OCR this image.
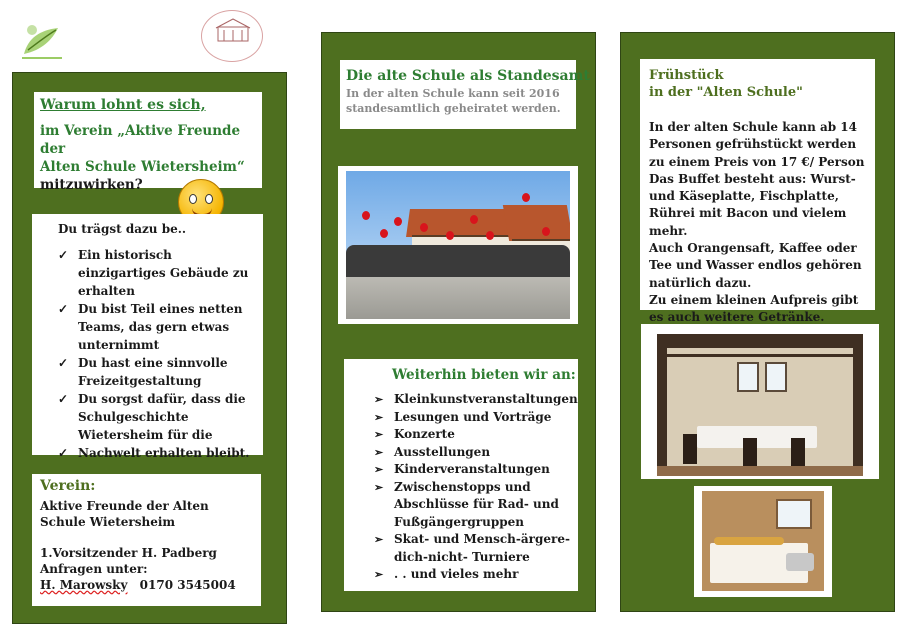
Warum lohnt es sich,
im Verein „Aktive Freunde der
Alten Schule Wietersheim“
mitzuwirken?
Du trägst dazu be..
✓ Ein historisch einzigartiges Gebäude zu erhalten
✓ Du bist Teil eines netten Teams, das gern etwas unternimmt
✓ Du hast eine sinnvolle Freizeitgestaltung
✓ Du sorgst dafür, dass die Schulgeschichte Wietersheim für die
✓ Nachwelt erhalten bleibt.
Verein:
Aktive Freunde der Alten Schule Wietersheim
1.Vorsitzender H. Padberg
Anfragen unter:
H. Marowsky 0170 3545004
Die alte Schule als Standesamt
In der alten Schule kann seit 2016 standesamtlich geheiratet werden.
Weiterhin bieten wir an:
➢ Kleinkunstveranstaltungen
➢ Lesungen und Vorträge
➢ Konzerte
➢ Ausstellungen
➢ Kinderveranstaltungen
➢ Zwischenstopps und Abschlüsse für Rad- und Fußgängergruppen
➢ Skat- und Mensch-ärgere-dich-nicht- Turniere
➢ . . und vieles mehr
Frühstück
in der "Alten Schule"
In der alten Schule kann ab 14 Personen gefrühstückt werden zu einem Preis von 17 €/ Person
Das Buffet besteht aus: Wurst- und Käseplatte, Fischplatte, Rührei mit Bacon und vielem mehr.
Auch Orangensaft, Kaffee oder Tee und Wasser endlos gehören natürlich dazu.
Zu einem kleinen Aufpreis gibt es auch weitere Getränke.
